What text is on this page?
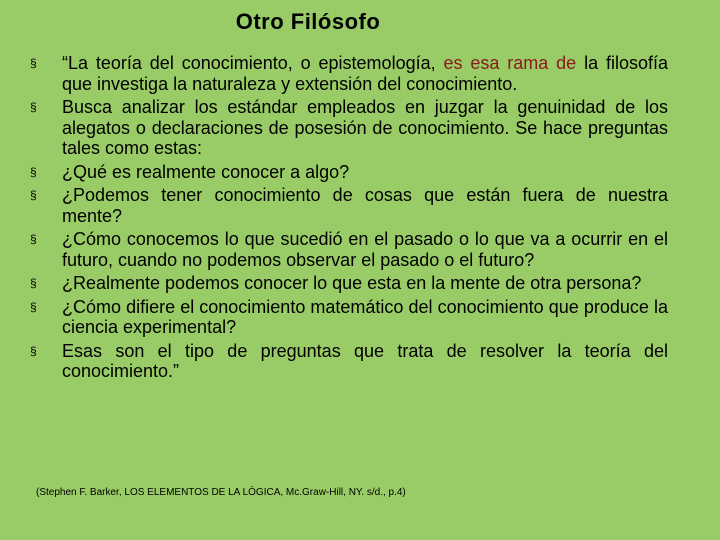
Otro Filósofo
§ “La teoría del conocimiento, o epistemología, es esa rama de la filosofía que investiga la naturaleza y extensión del conocimiento.
§ Busca analizar los estándar empleados en juzgar la genuinidad de los alegatos o declaraciones de posesión de conocimiento. Se hace preguntas tales como estas:
§ ¿Qué es realmente conocer a algo?
§ ¿Podemos tener conocimiento de cosas que están fuera de nuestra mente?
§ ¿Cómo conocemos lo que sucedió en el pasado o lo que va a ocurrir en el futuro, cuando no podemos observar el pasado o el futuro?
§ ¿Realmente podemos conocer lo que esta en la mente de otra persona?
§ ¿Cómo difiere el conocimiento matemático del conocimiento que produce la ciencia experimental?
§ Esas son el tipo de preguntas que trata de resolver la teoría del conocimiento.”
(Stephen F. Barker, LOS ELEMENTOS DE LA LÓGICA, Mc.Graw-Hill, NY. s/d., p.4)
